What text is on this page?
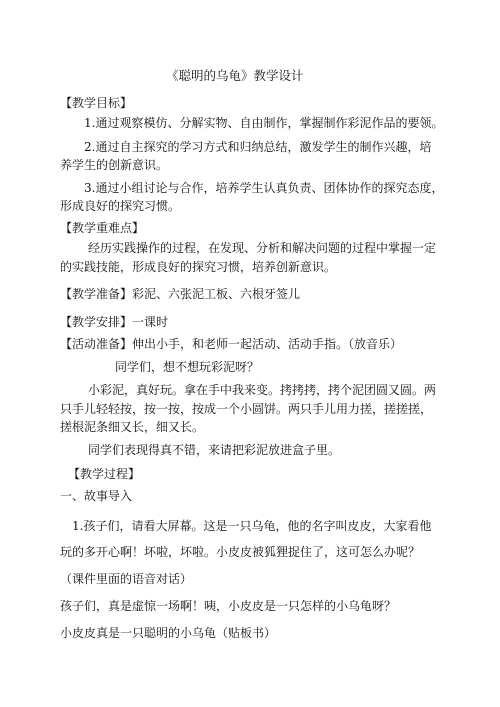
《聪明的乌龟》教学设计
【教学目标】
1.通过观察模仿、分解实物、自由制作，掌握制作彩泥作品的要领。
2.通过自主探究的学习方式和归纳总结，激发学生的制作兴趣，培
养学生的创新意识。
3.通过小组讨论与合作，培养学生认真负责、团体协作的探究态度，
形成良好的探究习惯。
【教学重难点】
经历实践操作的过程，在发现、分析和解决问题的过程中掌握一定
的实践技能，形成良好的探究习惯，培养创新意识。
【教学准备】彩泥、六张泥工板、六根牙签儿
【教学安排】一课时
【活动准备】伸出小手，和老师一起活动、活动手指。（放音乐）
同学们，想不想玩彩泥呀？
小彩泥，真好玩。拿在手中我来变。拷拷拷，拷个泥团圆又圆。两
只手儿轻轻按，按一按，按成一个小圆饼。两只手儿用力搓，搓搓搓，
搓根泥条细又长，细又长。
同学们表现得真不错，来请把彩泥放进盒子里。
【教学过程】
一、故事导入
1.孩子们，请看大屏幕。这是一只乌龟，他的名字叫皮皮，大家看他
玩的多开心啊！坏啦，坏啦。小皮皮被狐狸捉住了，这可怎么办呢？
（课件里面的语音对话）
孩子们，真是虚惊一场啊！咦，小皮皮是一只怎样的小乌龟呀？
小皮皮真是一只聪明的小乌龟（贴板书）
